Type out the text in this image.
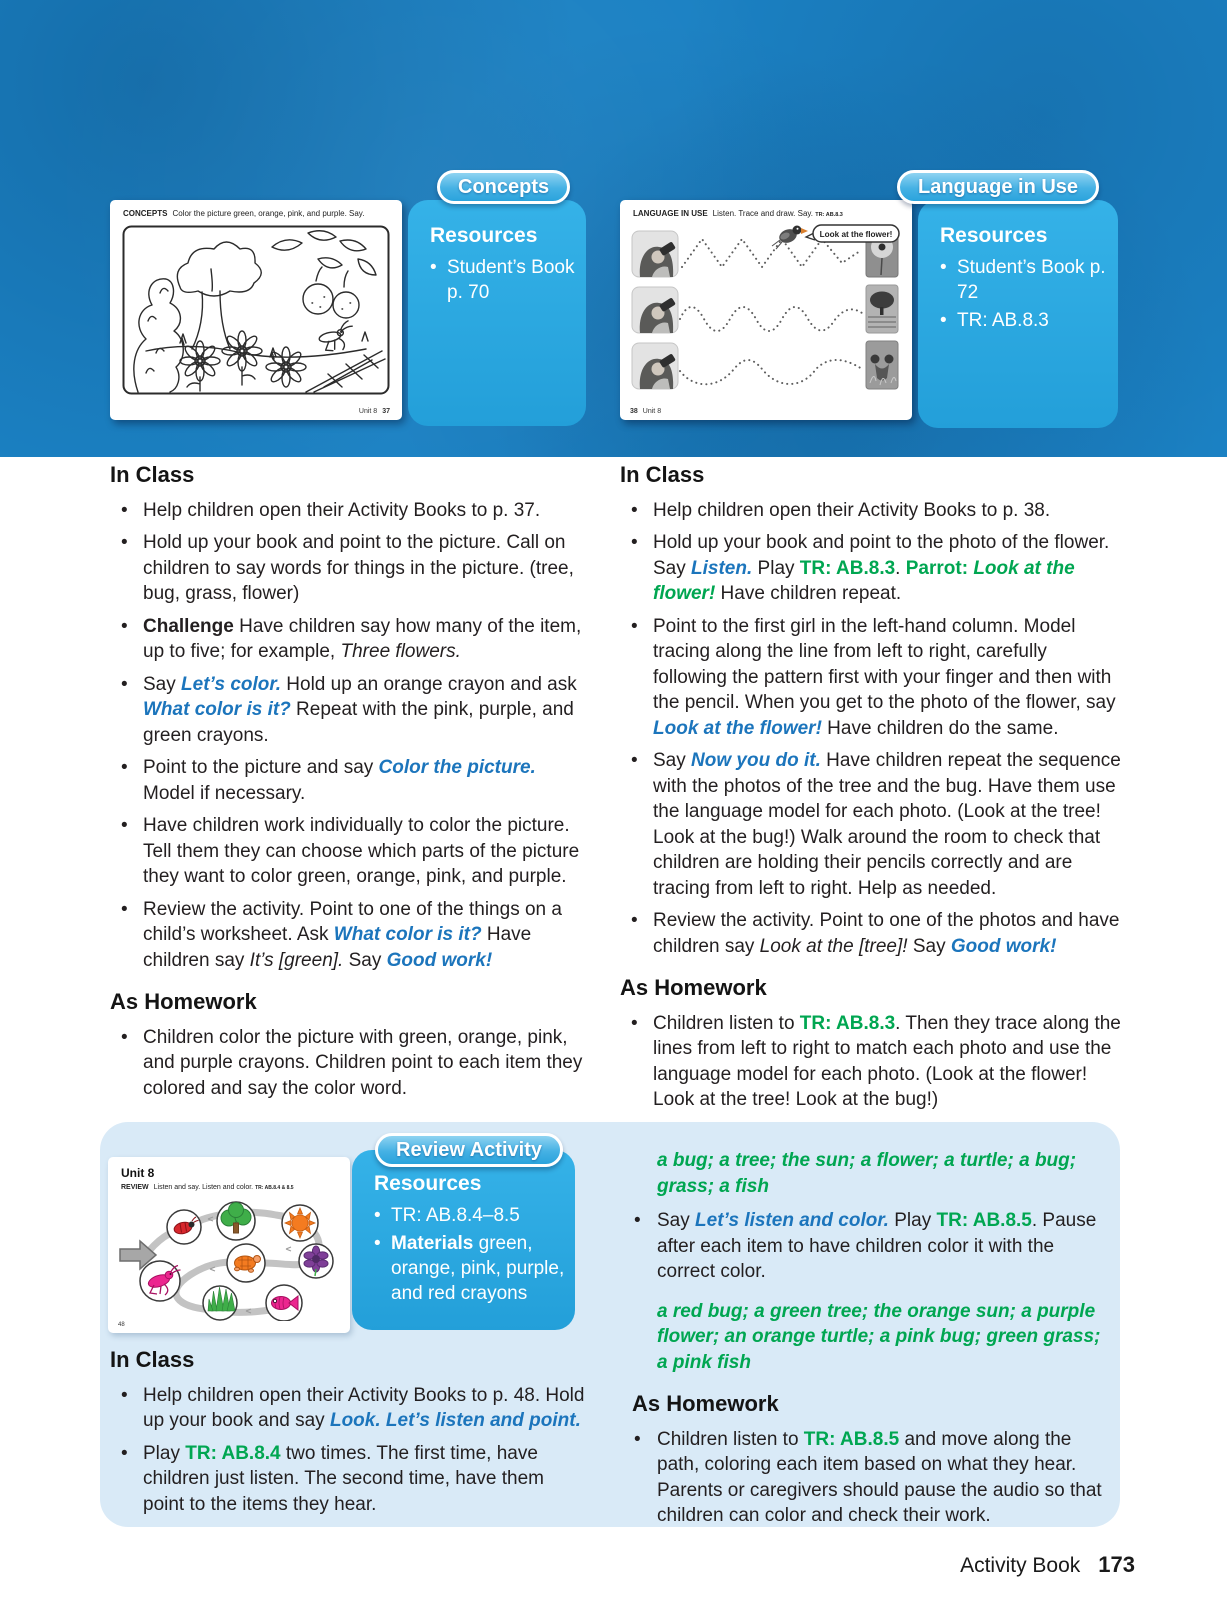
CONCEPTS Color the picture green, orange, pink, and purple. Say.
Unit 8 37
Resources
• Student’s Book p. 70
Concepts
LANGUAGE IN USE Listen. Trace and draw. Say. TR: AB.8.3
Look at the flower!
38 Unit 8
Resources
• Student’s Book p. 72
• TR: AB.8.3
Language in Use
In Class
• Help children open their Activity Books to p. 37.
• Hold up your book and point to the picture. Call on children to say words for things in the picture. (tree, bug, grass, flower)
• Challenge Have children say how many of the item, up to five; for example, Three flowers.
• Say Let’s color. Hold up an orange crayon and ask What color is it? Repeat with the pink, purple, and green crayons.
• Point to the picture and say Color the picture. Model if necessary.
• Have children work individually to color the picture. Tell them they can choose which parts of the picture they want to color green, orange, pink, and purple.
• Review the activity. Point to one of the things on a child’s worksheet. Ask What color is it? Have children say It’s [green]. Say Good work!
As Homework
• Children color the picture with green, orange, pink, and purple crayons. Children point to each item they colored and say the color word.
In Class
• Help children open their Activity Books to p. 38.
• Hold up your book and point to the photo of the flower. Say Listen. Play TR: AB.8.3. Parrot: Look at the flower! Have children repeat.
• Point to the first girl in the left-hand column. Model tracing along the line from left to right, carefully following the pattern first with your finger and then with the pencil. When you get to the photo of the flower, say Look at the flower! Have children do the same.
• Say Now you do it. Have children repeat the sequence with the photos of the tree and the bug. Have them use the language model for each photo. (Look at the tree! Look at the bug!) Walk around the room to check that children are holding their pencils correctly and are tracing from left to right. Help as needed.
• Review the activity. Point to one of the photos and have children say Look at the [tree]! Say Good work!
As Homework
• Children listen to TR: AB.8.3. Then they trace along the lines from left to right to match each photo and use the language model for each photo. (Look at the flower! Look at the tree! Look at the bug!)
Unit 8
REVIEW Listen and say. Listen and color. TR: AB.8.4 & 8.5
48
Resources
• TR: AB.8.4–8.5
• Materials green, orange, pink, purple, and red crayons
Review Activity
In Class
• Help children open their Activity Books to p. 48. Hold up your book and say Look. Let’s listen and point.
• Play TR: AB.8.4 two times. The first time, have children just listen. The second time, have them point to the items they hear.

a bug; a tree; the sun; a flower; a turtle; a bug; grass; a fish

• Say Let’s listen and color. Play TR: AB.8.5. Pause after each item to have children color it with the correct color.

a red bug; a green tree; the orange sun; a purple flower; an orange turtle; a pink bug; green grass; a pink fish

As Homework
• Children listen to TR: AB.8.5 and move along the path, coloring each item based on what they hear. Parents or caregivers should pause the audio so that children can color and check their work.
Activity Book 173
